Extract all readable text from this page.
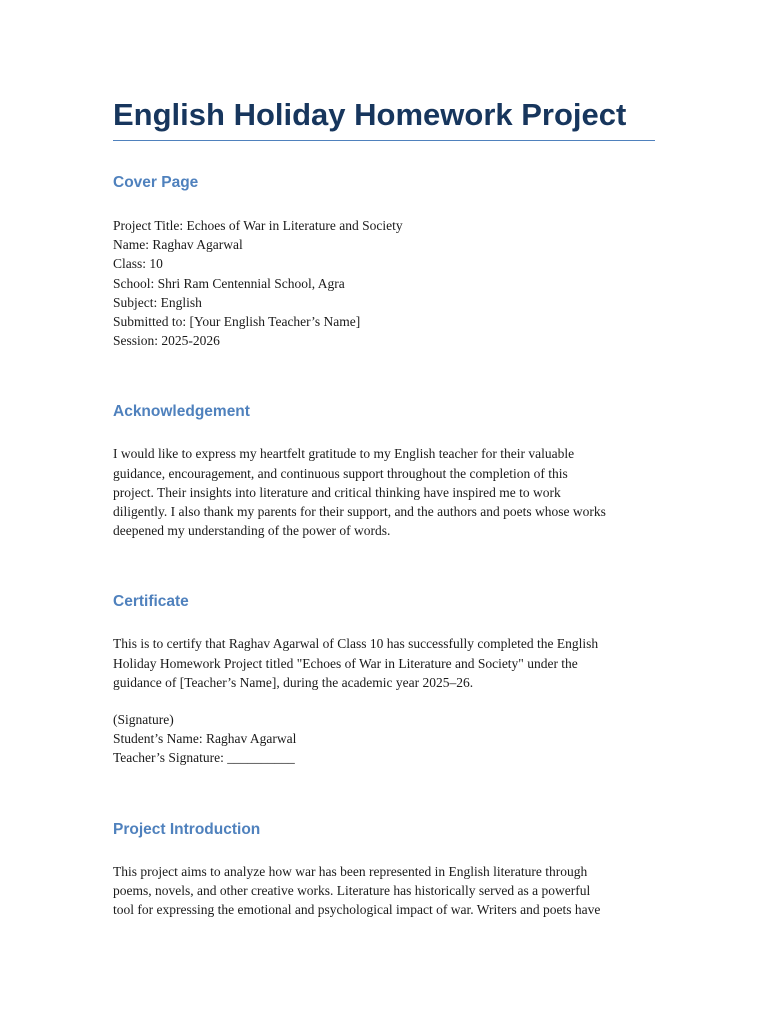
English Holiday Homework Project
Cover Page

Project Title: Echoes of War in Literature and Society
Name: Raghav Agarwal
Class: 10
School: Shri Ram Centennial School, Agra
Subject: English
Submitted to: [Your English Teacher’s Name]
Session: 2025-2026

Acknowledgement

I would like to express my heartfelt gratitude to my English teacher for their valuable
guidance, encouragement, and continuous support throughout the completion of this
project. Their insights into literature and critical thinking have inspired me to work
diligently. I also thank my parents for their support, and the authors and poets whose works
deepened my understanding of the power of words.

Certificate

This is to certify that Raghav Agarwal of Class 10 has successfully completed the English
Holiday Homework Project titled "Echoes of War in Literature and Society" under the
guidance of [Teacher’s Name], during the academic year 2025–26.

(Signature)
Student’s Name: Raghav Agarwal
Teacher’s Signature: __________

Project Introduction

This project aims to analyze how war has been represented in English literature through
poems, novels, and other creative works. Literature has historically served as a powerful
tool for expressing the emotional and psychological impact of war. Writers and poets have
